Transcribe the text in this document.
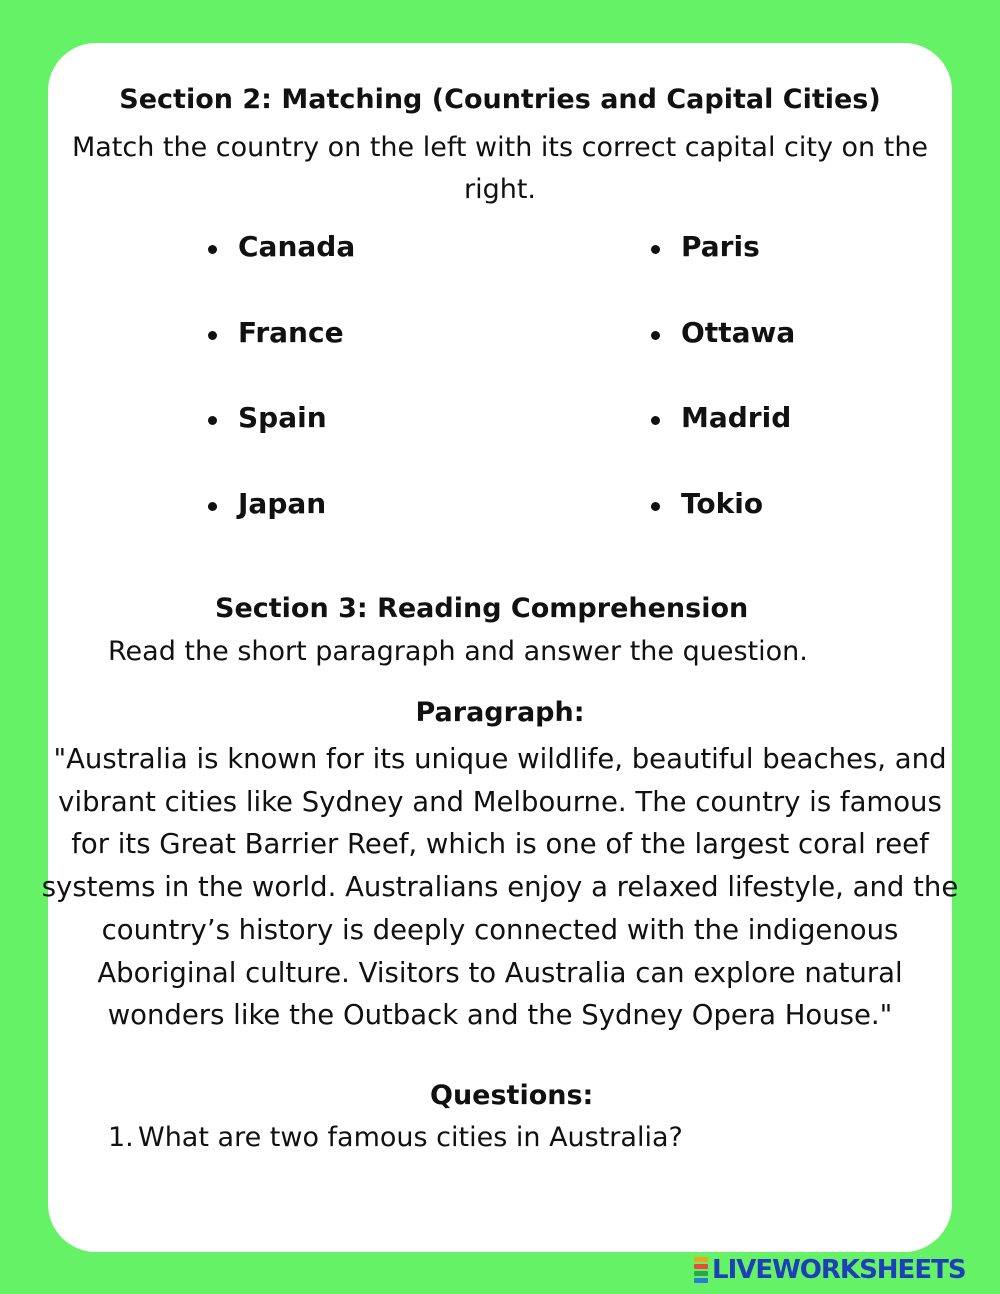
Section 2: Matching (Countries and Capital Cities)
Match the country on the left with its correct capital city on the right.
Canada
France
Spain
Japan
Paris
Ottawa
Madrid
Tokio
Section 3: Reading Comprehension
Read the short paragraph and answer the question.
Paragraph:
"Australia is known for its unique wildlife, beautiful beaches, and vibrant cities like Sydney and Melbourne. The country is famous for its Great Barrier Reef, which is one of the largest coral reef systems in the world. Australians enjoy a relaxed lifestyle, and the country’s history is deeply connected with the indigenous Aboriginal culture. Visitors to Australia can explore natural wonders like the Outback and the Sydney Opera House."
Questions:
1. What are two famous cities in Australia?
LIVEWORKSHEETS
